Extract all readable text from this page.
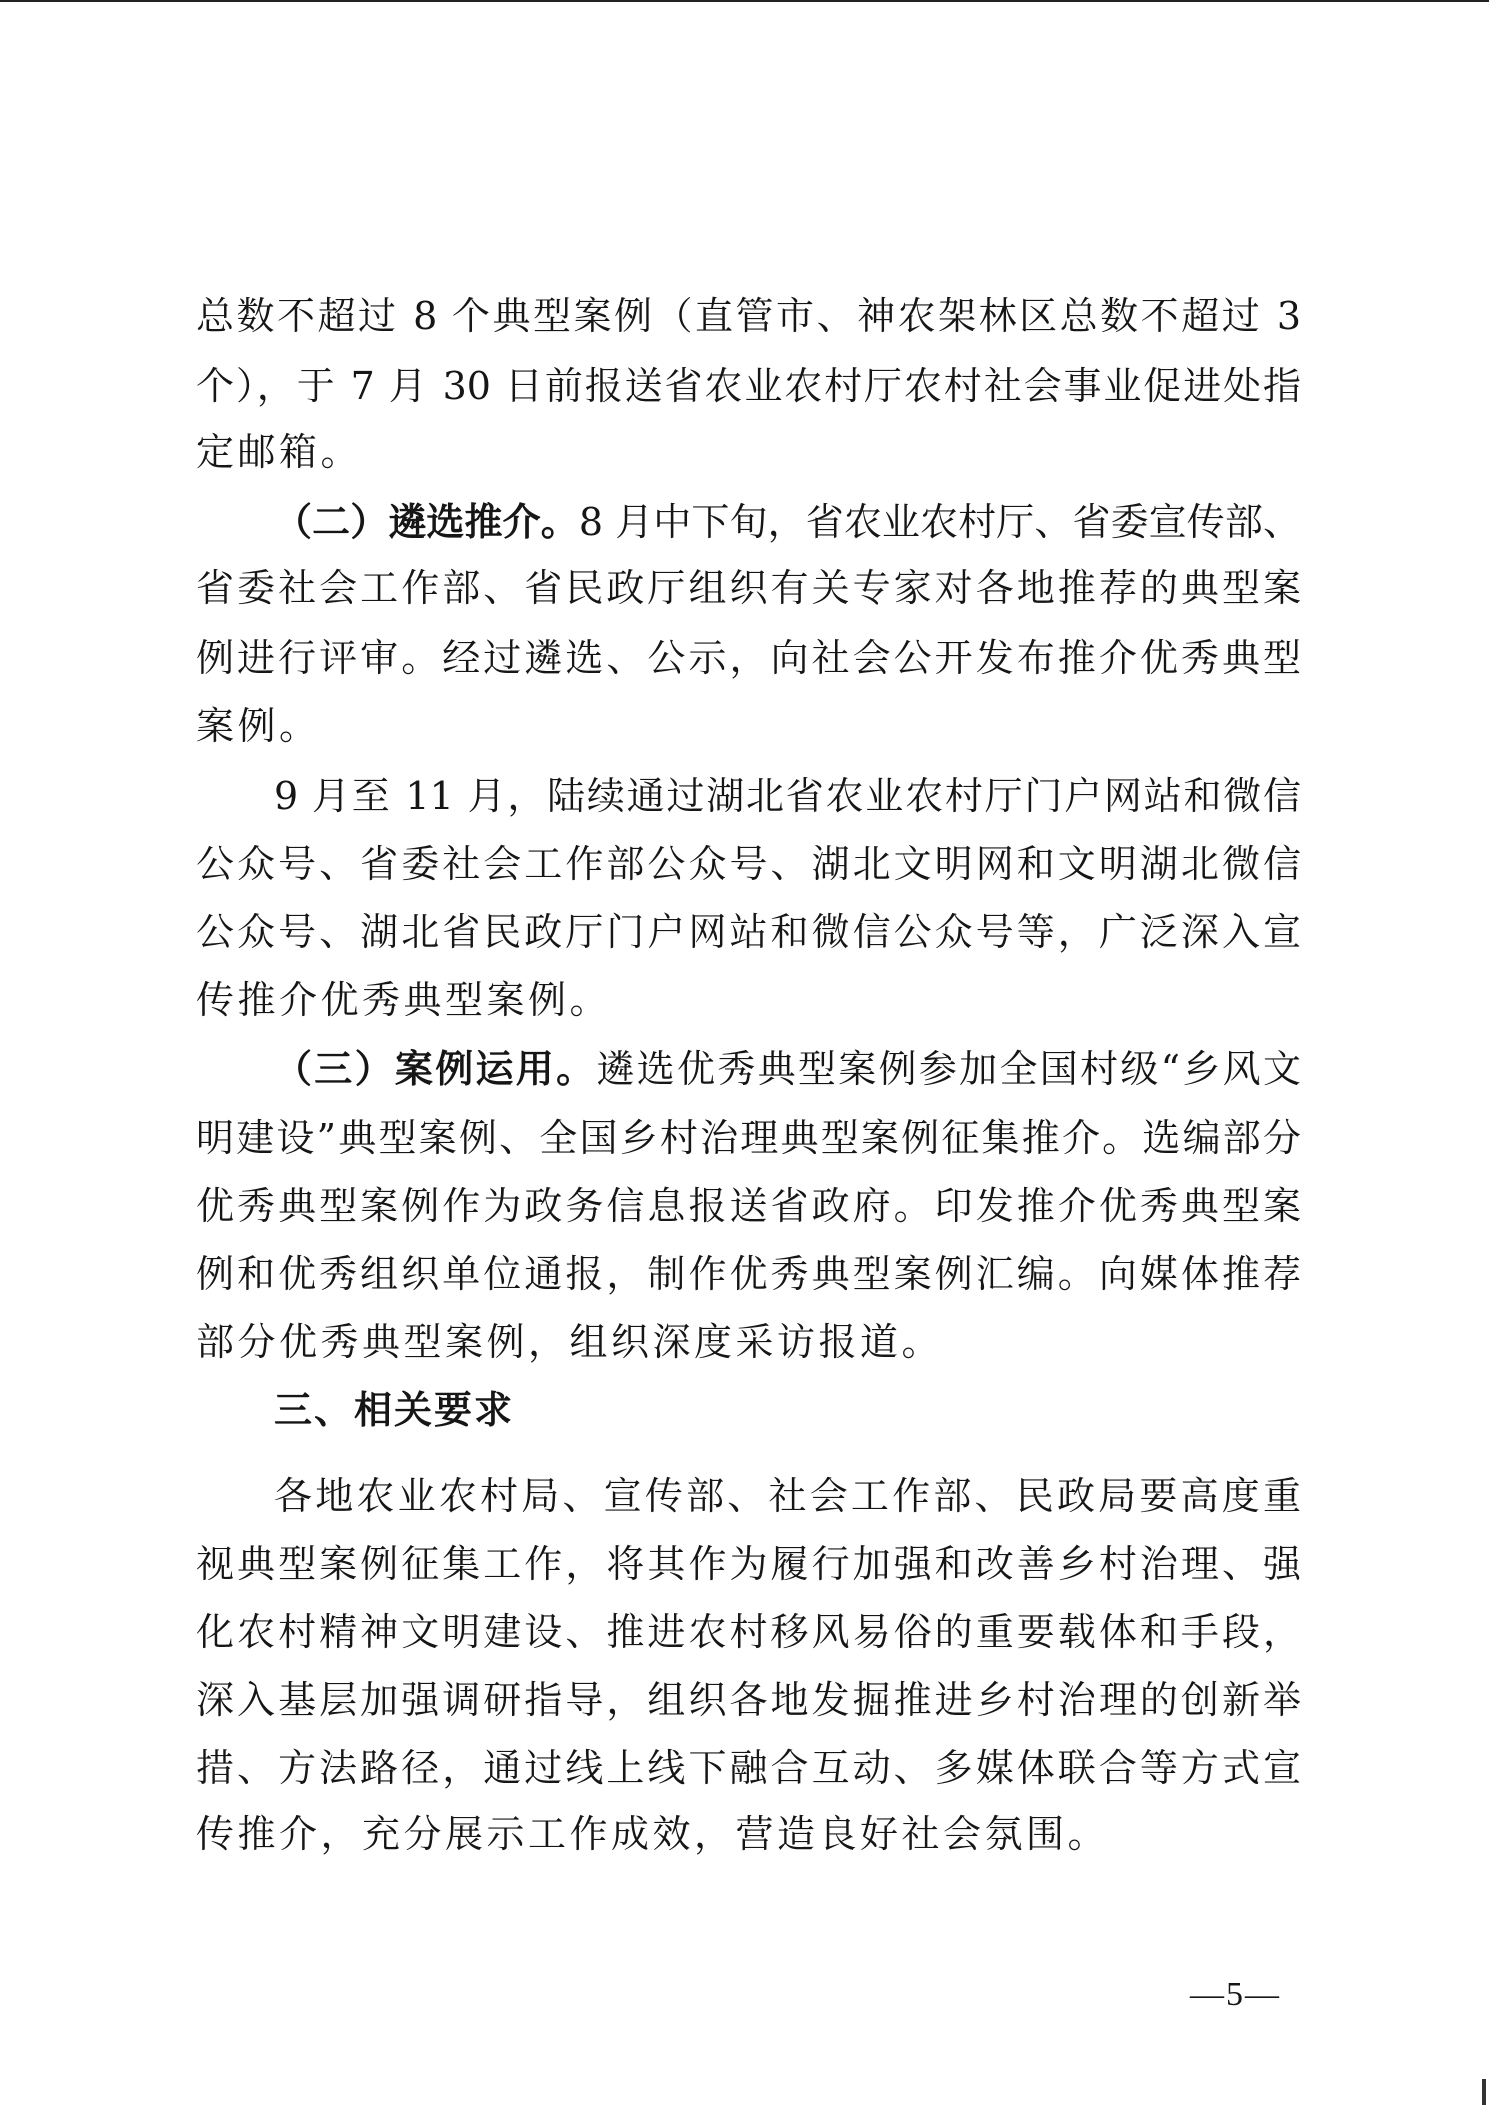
总数不超过 8 个典型案例（直管市、神农架林区总数不超过 3
个），于 7 月 30 日前报送省农业农村厅农村社会事业促进处指
定邮箱。
（二）遴选推介。8 月中下旬，省农业农村厅、省委宣传部、
省委社会工作部、省民政厅组织有关专家对各地推荐的典型案
例进行评审。经过遴选、公示，向社会公开发布推介优秀典型
案例。
9 月至 11 月，陆续通过湖北省农业农村厅门户网站和微信
公众号、省委社会工作部公众号、湖北文明网和文明湖北微信
公众号、湖北省民政厅门户网站和微信公众号等，广泛深入宣
传推介优秀典型案例。
（三）案例运用。遴选优秀典型案例参加全国村级“乡风文
明建设”典型案例、全国乡村治理典型案例征集推介。选编部分
优秀典型案例作为政务信息报送省政府。印发推介优秀典型案
例和优秀组织单位通报，制作优秀典型案例汇编。向媒体推荐
部分优秀典型案例，组织深度采访报道。
三、相关要求
各地农业农村局、宣传部、社会工作部、民政局要高度重
视典型案例征集工作，将其作为履行加强和改善乡村治理、强
化农村精神文明建设、推进农村移风易俗的重要载体和手段，
深入基层加强调研指导，组织各地发掘推进乡村治理的创新举
措、方法路径，通过线上线下融合互动、多媒体联合等方式宣
传推介，充分展示工作成效，营造良好社会氛围。
—5—
